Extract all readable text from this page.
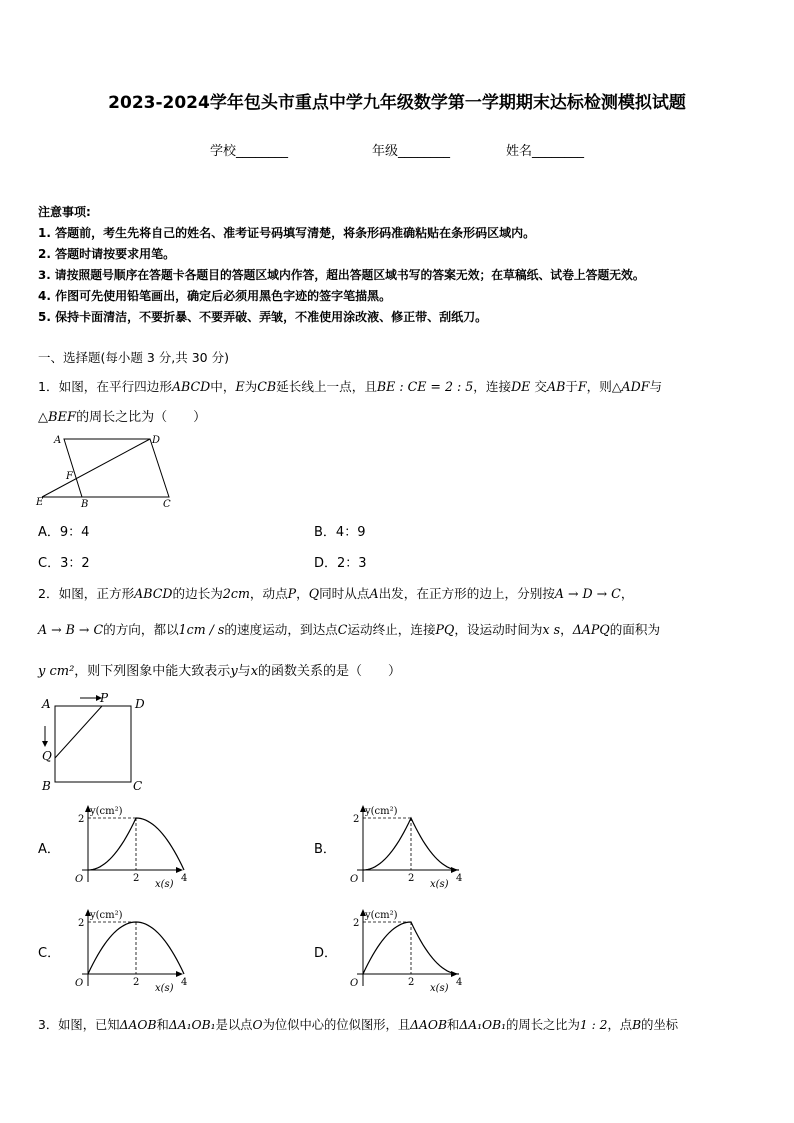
2023-2024学年包头市重点中学九年级数学第一学期期末达标检测模拟试题
学校________	年级________	姓名________
注意事项:
1. 答题前，考生先将自己的姓名、准考证号码填写清楚，将条形码准确粘贴在条形码区域内。
2. 答题时请按要求用笔。
3. 请按照题号顺序在答题卡各题目的答题区域内作答，超出答题区域书写的答案无效；在草稿纸、试卷上答题无效。
4. 作图可先使用铅笔画出，确定后必须用黑色字迹的签字笔描黑。
5. 保持卡面清洁，不要折暴、不要弄破、弄皱，不准使用涂改液、修正带、刮纸刀。
一、选择题(每小题 3 分,共 30 分)
1．如图，在平行四边形ABCD中，E为CB延长线上一点，且BE : CE = 2 : 5，连接DE 交AB于F，则△ADF与
△BEF的周长之比为（　　）
A	D
F
E	B	C
A．9：4	B．4：9
C．3：2	D．2：3
2．如图，正方形ABCD的边长为2cm，动点P，Q同时从点A出发，在正方形的边上，分别按A → D → C，
A → B → C的方向，都以1cm / s的速度运动，到达点C运动终止，连接PQ，设运动时间为x s，ΔAPQ的面积为
y cm²，则下列图象中能大致表示y与x的函数关系的是（　　）
A	P D
Q
B	C
A．	B．
C．	D．
y(cm²)
x(s)
O
2
2	4
y(cm²)
x(s)
O
2
2	4
y(cm²)
x(s)
O
2
2	4
y(cm²)
x(s)
O
2
2	4
3．如图，已知ΔAOB和ΔA₁OB₁是以点O为位似中心的位似图形，且ΔAOB和ΔA₁OB₁的周长之比为1 : 2，点B的坐标
